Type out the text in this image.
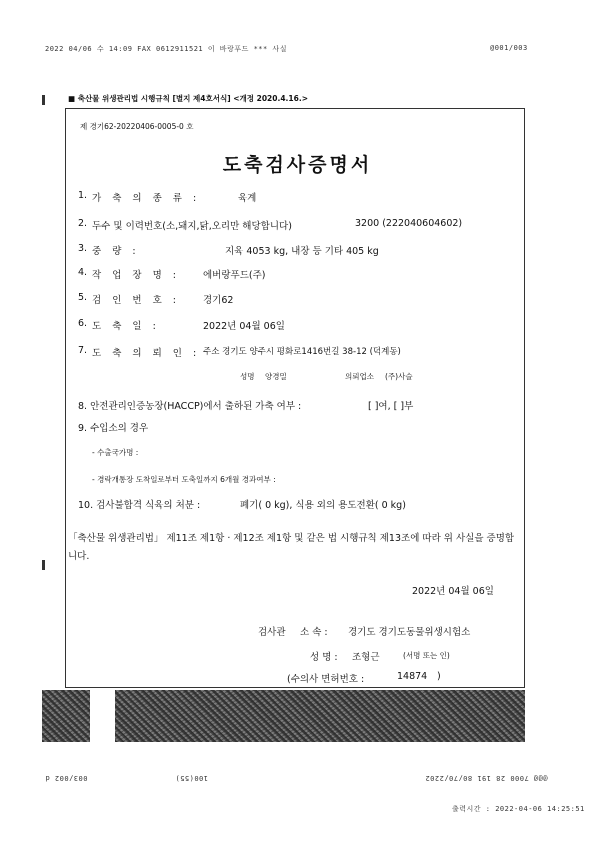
2022 04/06 수 14:09 FAX 0612911521 이 바랑푸드 *** 사실	@001/003
■ 축산물 위생관리법 시행규칙 [별지 제4호서식] <개정 2020.4.16.>
제 경기62-20220406-0005-0 호
도축검사증명서
1. 가 축 의 종 류 :	육계
2. 두수 및 이력번호(소,돼지,닭,오리만 해당합니다)	3200 (222040604602)
3. 중 량 :	지육 4053 kg, 내장 등 기타 405 kg
4. 작 업 장 명 : 에버랑푸드(주)
5. 검 인 번 호 : 경기62
6. 도 축 일 :	2022년 04월 06일
7. 도 축 의 뢰 인 : 주소 경기도 양주시 평화로1416번길 38-12 (덕계동)
성명 양경밀	의뢰업소 (주)사슬
8. 안전관리인증농장(HACCP)에서 출하된 가축 여부 :	[ ]여, [ ]부
9. 수입소의 경우
- 수출국가명 :
- 경락개통장 도착일로부터 도축일까지 6개월 경과여부 :
10. 검사불합격 식육의 처분 :	폐기( 0 kg), 식용 외의 용도전환( 0 kg)
「축산물 위생관리법」 제11조 제1항 · 제12조 제1항 및 같은 법 시행규칙 제13조에 따라 위 사실을 증명합니다.
2022년 04월 06일
검사관 소 속 : 경기도 경기도동물위생시험소
성 명 : 조형근	(서명 또는 인)
(수의사 면허번호 :	14874 )
003/002 d	100(55)	@@@ 7000 28 191 80/70/2202
출력시간 : 2022-04-06 14:25:51
